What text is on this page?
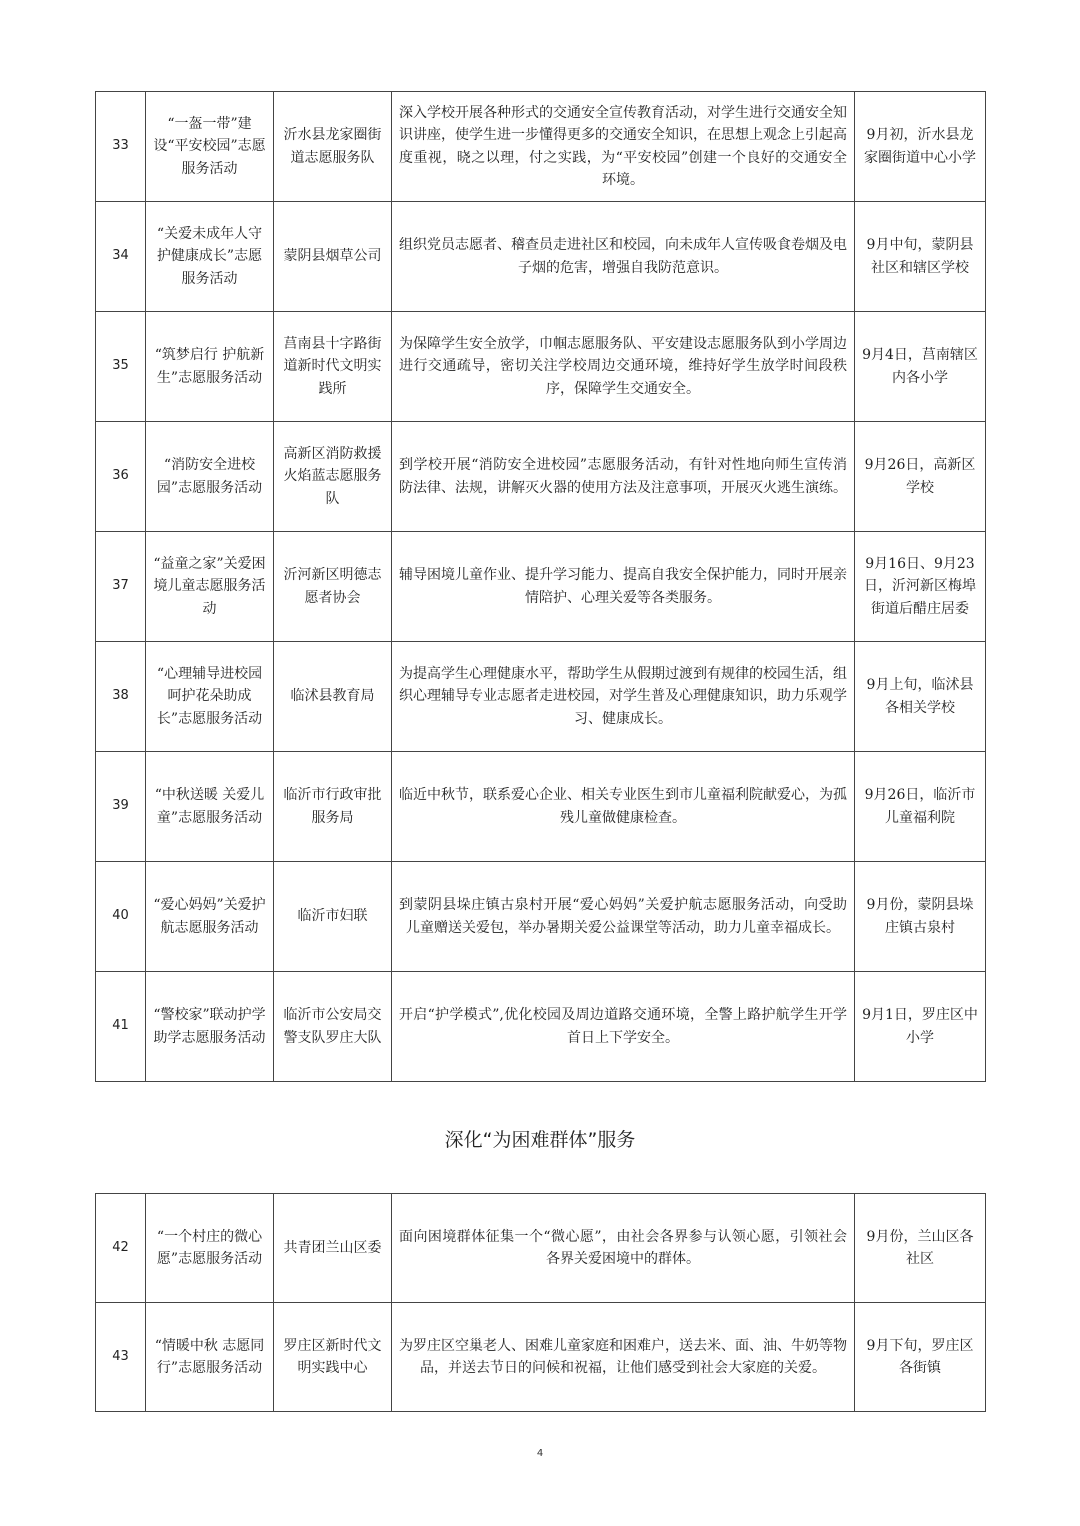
33	“一盔一带”建设“平安校园”志愿服务活动	沂水县龙家圈街道志愿服务队	深入学校开展各种形式的交通安全宣传教育活动，对学生进行交通安全知识讲座，使学生进一步懂得更多的交通安全知识，在思想上观念上引起高度重视，晓之以理，付之实践，为“平安校园”创建一个良好的交通安全环境。	9月初，沂水县龙家圈街道中心小学
34	“关爱未成年人守护健康成长”志愿服务活动	蒙阴县烟草公司	组织党员志愿者、稽查员走进社区和校园，向未成年人宣传吸食卷烟及电子烟的危害，增强自我防范意识。	9月中旬，蒙阴县社区和辖区学校
35	“筑梦启行 护航新生”志愿服务活动	莒南县十字路街道新时代文明实践所	为保障学生安全放学，巾帼志愿服务队、平安建设志愿服务队到小学周边进行交通疏导，密切关注学校周边交通环境，维持好学生放学时间段秩序，保障学生交通安全。	9月4日，莒南辖区内各小学
36	“消防安全进校园”志愿服务活动	高新区消防救援火焰蓝志愿服务队	到学校开展“消防安全进校园”志愿服务活动，有针对性地向师生宣传消防法律、法规，讲解灭火器的使用方法及注意事项，开展灭火逃生演练。	9月26日，高新区学校
37	“益童之家”关爱困境儿童志愿服务活动	沂河新区明德志愿者协会	辅导困境儿童作业、提升学习能力、提高自我安全保护能力，同时开展亲情陪护、心理关爱等各类服务。	9月16日、9月23日，沂河新区梅埠街道后醋庄居委
38	“心理辅导进校园 呵护花朵助成长”志愿服务活动	临沭县教育局	为提高学生心理健康水平，帮助学生从假期过渡到有规律的校园生活，组织心理辅导专业志愿者走进校园，对学生普及心理健康知识，助力乐观学习、健康成长。	9月上旬，临沭县各相关学校
39	“中秋送暖 关爱儿童”志愿服务活动	临沂市行政审批服务局	临近中秋节，联系爱心企业、相关专业医生到市儿童福利院献爱心，为孤残儿童做健康检查。	9月26日，临沂市儿童福利院
40	“爱心妈妈”关爱护航志愿服务活动	临沂市妇联	到蒙阴县垛庄镇古泉村开展“爱心妈妈”关爱护航志愿服务活动，向受助儿童赠送关爱包，举办暑期关爱公益课堂等活动，助力儿童幸福成长。	9月份，蒙阴县垛庄镇古泉村
41	“警校家”联动护学助学志愿服务活动	临沂市公安局交警支队罗庄大队	开启“护学模式”,优化校园及周边道路交通环境，全警上路护航学生开学首日上下学安全。	9月1日，罗庄区中小学
深化“为困难群体”服务
42	“一个村庄的微心愿”志愿服务活动	共青团兰山区委	面向困境群体征集一个“微心愿”，由社会各界参与认领心愿，引领社会各界关爱困境中的群体。	9月份，兰山区各社区
43	“情暖中秋 志愿同行”志愿服务活动	罗庄区新时代文明实践中心	为罗庄区空巢老人、困难儿童家庭和困难户，送去米、面、油、牛奶等物品，并送去节日的问候和祝福，让他们感受到社会大家庭的关爱。	9月下旬，罗庄区各街镇
4
